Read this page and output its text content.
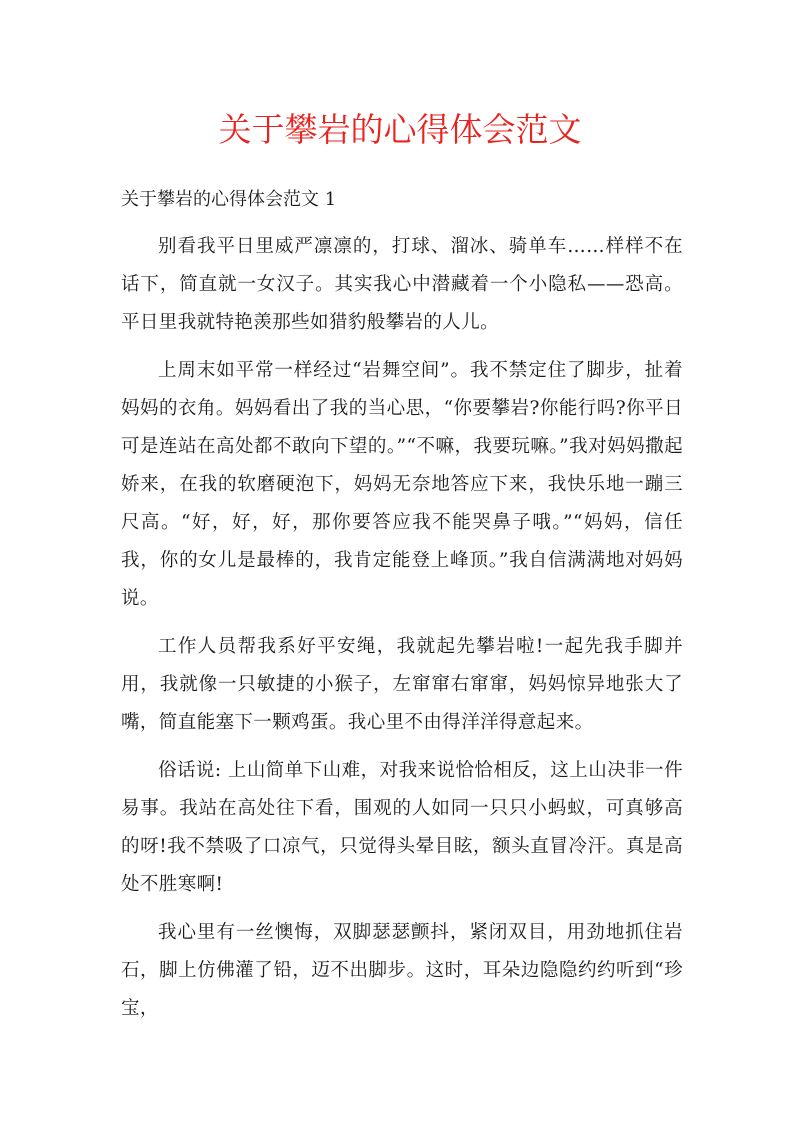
关于攀岩的心得体会范文
关于攀岩的心得体会范文 1

别看我平日里威严凛凛的，打球、溜冰、骑单车……样样不在话下，简直就一女汉子。其实我心中潜藏着一个小隐私——恐高。平日里我就特艳羡那些如猎豹般攀岩的人儿。

上周末如平常一样经过“岩舞空间”。我不禁定住了脚步，扯着妈妈的衣角。妈妈看出了我的当心思，“你要攀岩?你能行吗?你平日可是连站在高处都不敢向下望的。”“不嘛，我要玩嘛。”我对妈妈撒起娇来，在我的软磨硬泡下，妈妈无奈地答应下来，我快乐地一蹦三尺高。“好，好，好，那你要答应我不能哭鼻子哦。”“妈妈，信任我，你的女儿是最棒的，我肯定能登上峰顶。”我自信满满地对妈妈说。

工作人员帮我系好平安绳，我就起先攀岩啦!一起先我手脚并用，我就像一只敏捷的小猴子，左窜窜右窜窜，妈妈惊异地张大了嘴，简直能塞下一颗鸡蛋。我心里不由得洋洋得意起来。

俗话说: 上山简单下山难，对我来说恰恰相反，这上山决非一件易事。我站在高处往下看，围观的人如同一只只小蚂蚁，可真够高的呀!我不禁吸了口凉气，只觉得头晕目眩，额头直冒冷汗。真是高处不胜寒啊!

我心里有一丝懊悔，双脚瑟瑟颤抖，紧闭双目，用劲地抓住岩石，脚上仿佛灌了铅，迈不出脚步。这时，耳朵边隐隐约约听到“珍宝，
